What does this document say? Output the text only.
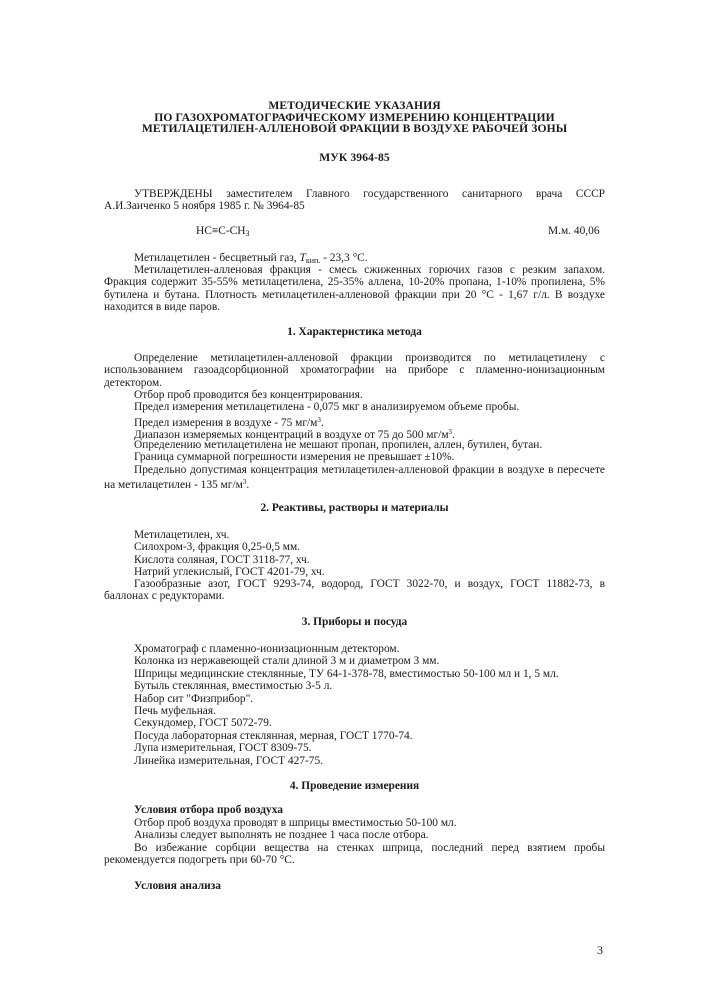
МЕТОДИЧЕСКИЕ УКАЗАНИЯ
ПО ГАЗОХРОМАТОГРАФИЧЕСКОМУ ИЗМЕРЕНИЮ КОНЦЕНТРАЦИИ
МЕТИЛАЦЕТИЛЕН-АЛЛЕНОВОЙ ФРАКЦИИ В ВОЗДУХЕ РАБОЧЕЙ ЗОНЫ
МУК 3964-85

УТВЕРЖДЕНЫ заместителем Главного государственного санитарного врача СССР А.И.Заиченко 5 ноября 1985 г. № 3964-85

$HC\equiv C-CH_3$	М.м. 40,06

Метилацетилен - бесцветный газ, $Т_{кип.} - 23,3$ °С.

Метилацетилен-алленовая фракция - смесь сжиженных горючих газов с резким запахом. Фракция содержит 35-55% метилацетилена, 25-35% аллена, 10-20% пропана, 1-10% пропилена, 5% бутилена и бутана. Плотность метилацетилен-алленовой фракции при 20 °С - 1,67 г/л. В воздухе находится в виде паров.

1. Характеристика метода

Определение метилацетилен-алленовой фракции производится по метилацетилену с использованием газоадсорбционной хроматографии на приборе с пламенно-ионизационным детектором.

Отбор проб проводится без концентрирования.

Предел измерения метилацетилена - 0,075 мкг в анализируемом объеме пробы.

Предел измерения в воздухе - 75 $мг/м^3$.

Диапазон измеряемых концентраций в воздухе от 75 до 500 $мг/м^3$.

Определению метилацетилена не мешают пропан, пропилен, аллен, бутилен, бутан.

Граница суммарной погрешности измерения не превышает ±10%.

Предельно допустимая концентрация метилацетилен-алленовой фракции в воздухе в пересчете на метилацетилен - 135 $мг/м^3$.

2. Реактивы, растворы и материалы

Метилацетилен, хч.

Силохром-3, фракция 0,25-0,5 мм.

Кислота соляная, ГОСТ 3118-77, хч.

Натрий углекислый, ГОСТ 4201-79, хч.

Газообразные азот, ГОСТ 9293-74, водород, ГОСТ 3022-70, и воздух, ГОСТ 11882-73, в баллонах с редукторами.

3. Приборы и посуда

Хроматограф с пламенно-ионизационным детектором.

Колонка из нержавеющей стали длиной 3 м и диаметром 3 мм.

Шприцы медицинские стеклянные, ТУ 64-1-378-78, вместимостью 50-100 мл и 1, 5 мл.

Бутыль стеклянная, вместимостью 3-5 л.

Набор сит "Физприбор".

Печь муфельная.

Секундомер, ГОСТ 5072-79.

Посуда лабораторная стеклянная, мерная, ГОСТ 1770-74.

Лупа измерительная, ГОСТ 8309-75.

Линейка измерительная, ГОСТ 427-75.

4. Проведение измерения

Условия отбора проб воздуха

Отбор проб воздуха проводят в шприцы вместимостью 50-100 мл.

Анализы следует выполнять не позднее 1 часа после отбора.

Во избежание сорбции вещества на стенках шприца, последний перед взятием пробы рекомендуется подогреть при 60-70 °С.

Условия анализа

3
